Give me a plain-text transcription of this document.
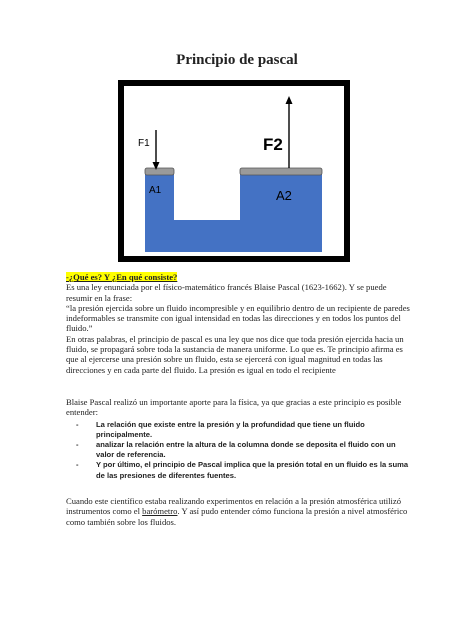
Principio de pascal
F1	F2
A1	A2
-¿Qué es? Y ¿En qué consiste?

Es una ley enunciada por el físico-matemático francés Blaise Pascal (1623-1662). Y se puede resumir en la frase:

“la presión ejercida sobre un fluido incompresible y en equilibrio dentro de un recipiente de paredes indeformables se transmite con igual intensidad en todas las direcciones y en todos los puntos del fluido.”

En otras palabras, el principio de pascal es una ley que nos dice que toda presión ejercida hacia un fluido, se propagará sobre toda la sustancia de manera uniforme. Lo que es. Te principio afirma es que al ejercerse una presión sobre un fluido, esta se ejercerá con igual magnitud en todas las direcciones y en cada parte del fluido. La presión es igual en todo el recipiente

Blaise Pascal realizó un importante aporte para la física, ya que gracias a este principio es posible entender:

- La relación que existe entre la presión y la profundidad que tiene un fluido principalmente.
- analizar la relación entre la altura de la columna donde se deposita el fluido con un valor de referencia.
- Y por último, el principio de Pascal implica que la presión total en un fluido es la suma de las presiones de diferentes fuentes.

Cuando este científico estaba realizando experimentos en relación a la presión atmosférica utilizó instrumentos como el barómetro. Y así pudo entender cómo funciona la presión a nivel atmosférico como también sobre los fluidos.
